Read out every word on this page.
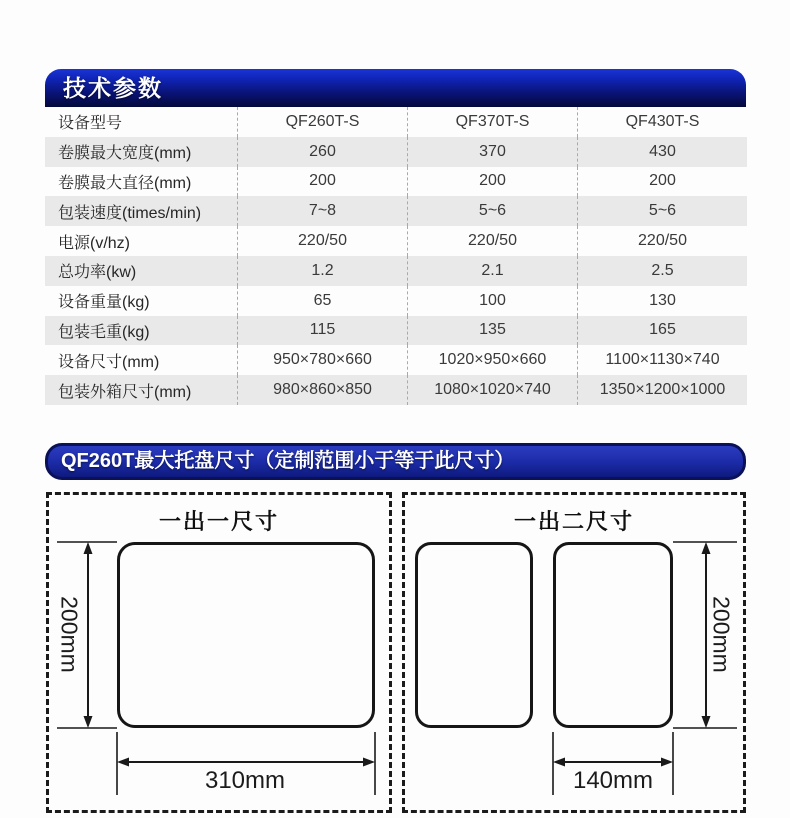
技术参数
设备型号	QF260T-S	QF370T-S	QF430T-S
卷膜最大宽度(mm)	260	370	430
卷膜最大直径(mm)	200	200	200
包装速度(times/min)	7~8	5~6	5~6
电源(v/hz)	220/50	220/50	220/50
总功率(kw)	1.2	2.1	2.5
设备重量(kg)	65	100	130
包装毛重(kg)	115	135	165
设备尺寸(mm)	950×780×660	1020×950×660	1100×1130×740
包装外箱尺寸(mm)	980×860×850	1080×1020×740	1350×1200×1000
QF260T最大托盘尺寸（定制范围小于等于此尺寸）
一出一尺寸
200mm
310mm
一出二尺寸
200mm
140mm
